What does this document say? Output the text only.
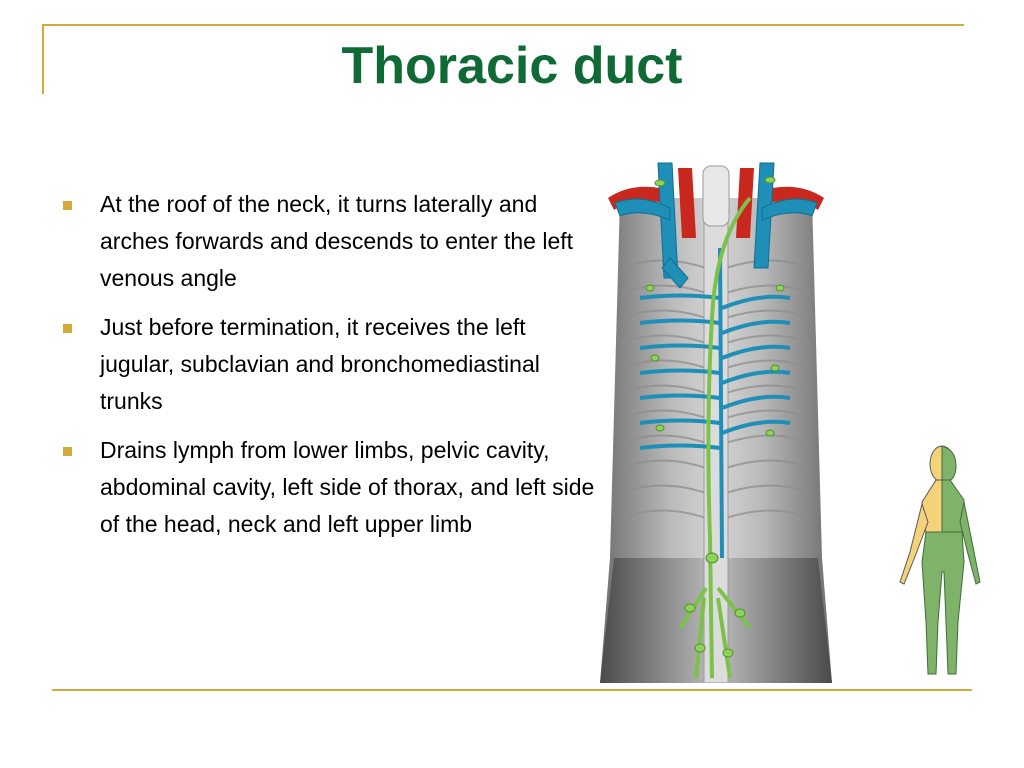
Thoracic duct
At the roof of the neck, it turns laterally and arches forwards and descends to enter the left venous angle
Just before termination, it receives the left jugular, subclavian and bronchomediastinal trunks
Drains lymph from lower limbs, pelvic cavity, abdominal cavity, left side of thorax, and left side of the head, neck and left upper limb
